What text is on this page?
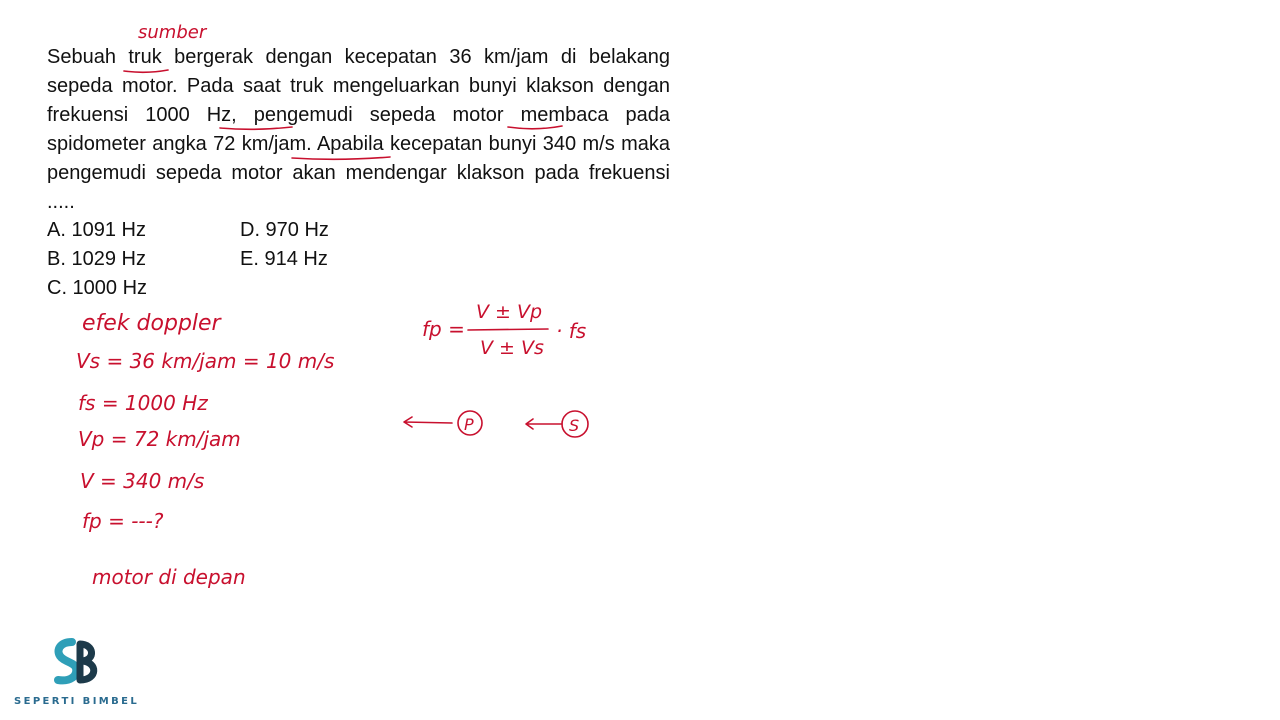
Sebuah truk bergerak dengan kecepatan 36 km/jam di belakang sepeda motor. Pada saat truk mengeluarkan bunyi klakson dengan frekuensi 1000 Hz, pengemudi sepeda motor membaca pada spidometer angka 72 km/jam. Apabila kecepatan bunyi 340 m/s maka pengemudi sepeda motor akan mendengar klakson pada frekuensi .....

A. 1091 Hz
B. 1029 Hz
C. 1000 Hz
D. 970 Hz
E. 914 Hz
sumber
efek doppler
Vs = 36 km/jam = 10 m/s
fs = 1000 Hz
Vp = 72 km/jam
V = 340 m/s
fp = ---?
motor di depan
fp =
V ± Vp
V ± Vs
· fs
P	S
SEPERTI BIMBEL
